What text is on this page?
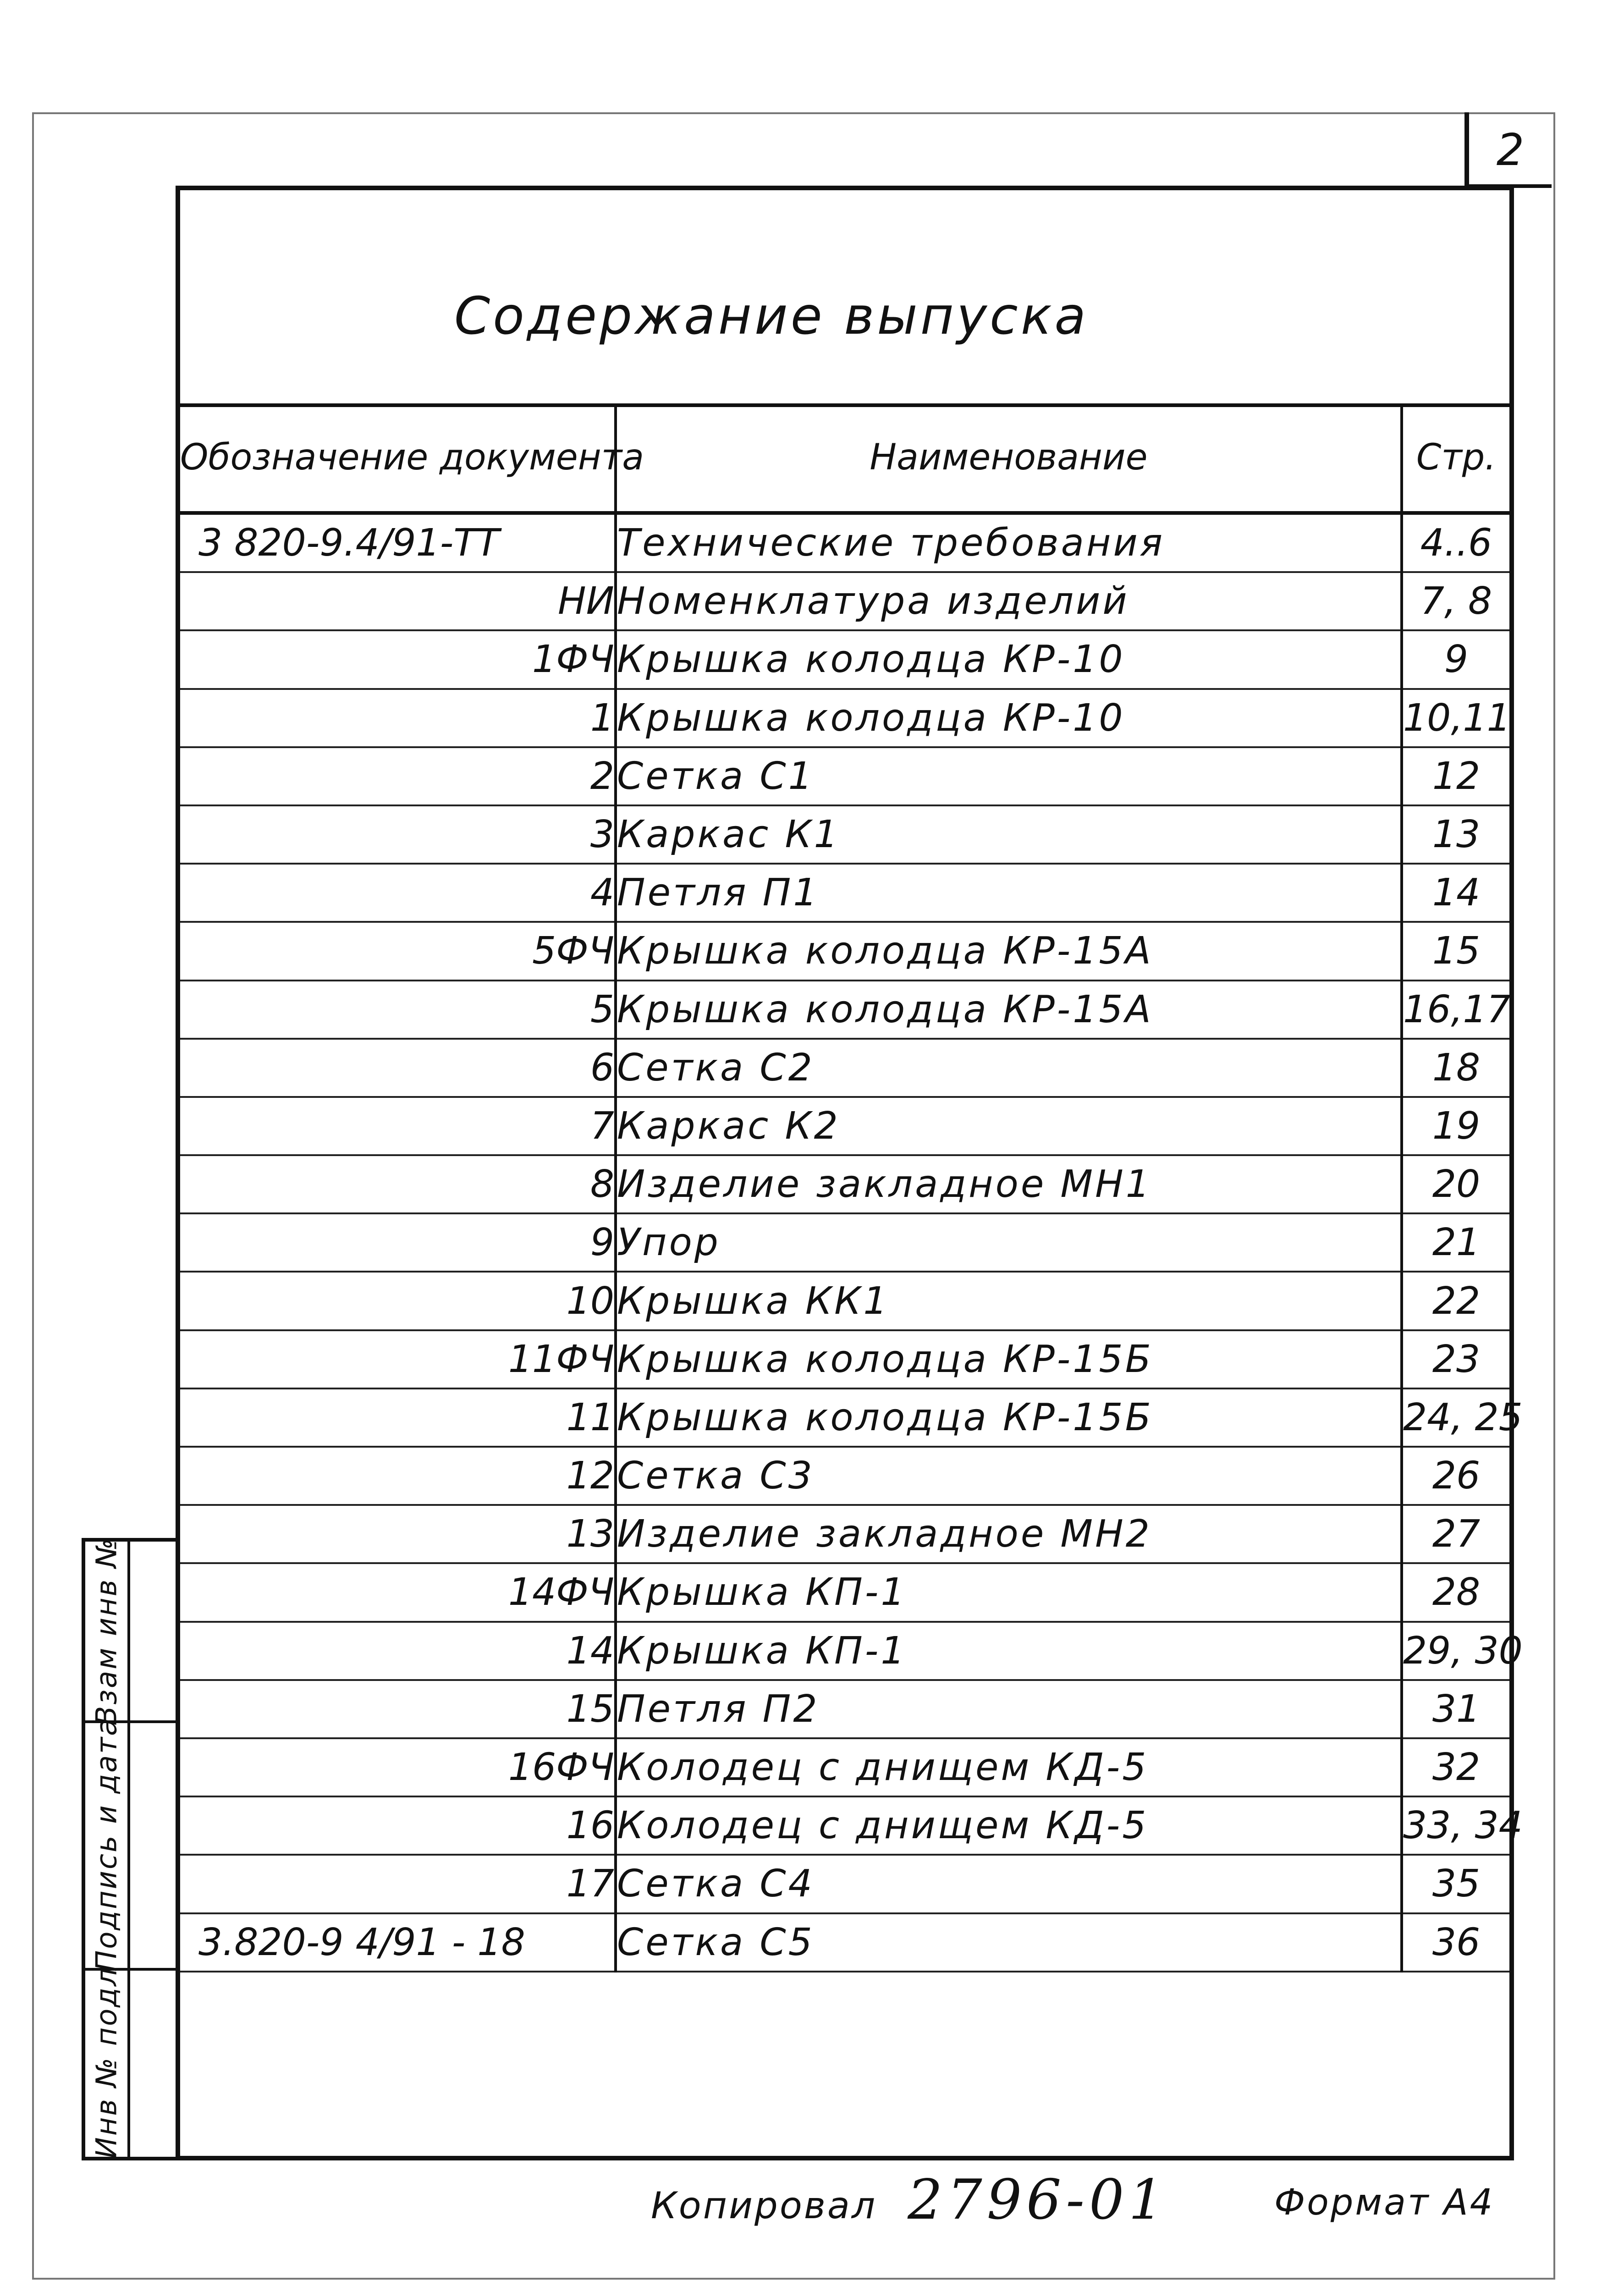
2
Содержание выпуска
Обозначение документа	Наименование	Стр.
3 820-9.4/91-ТТ	Технические требования	4..6
НИ	Номенклатура изделий	7, 8
1ФЧ	Крышка колодца КР-10	9
1	Крышка колодца КР-10	10,11
2	Сетка С1	12
3	Каркас К1	13
4	Петля П1	14
5ФЧ	Крышка колодца КР-15А	15
5	Крышка колодца КР-15А	16,17
6	Сетка С2	18
7	Каркас К2	19
8	Изделие закладное МН1	20
9	Упор	21
10	Крышка КК1	22
11ФЧ	Крышка колодца КР-15Б	23
11	Крышка колодца КР-15Б	24, 25
12	Сетка С3	26
13	Изделие закладное МН2	27
14ФЧ	Крышка КП-1	28
14	Крышка КП-1	29, 30
15	Петля П2	31
16ФЧ	Колодец с днищем КД-5	32
16	Колодец с днищем КД-5	33, 34
17	Сетка С4	35
3.820-9 4/91 - 18	Сетка С5	36
Взам инв №
Подпись и дата
Инв № подл
Копировал 2796-01	Формат А4
